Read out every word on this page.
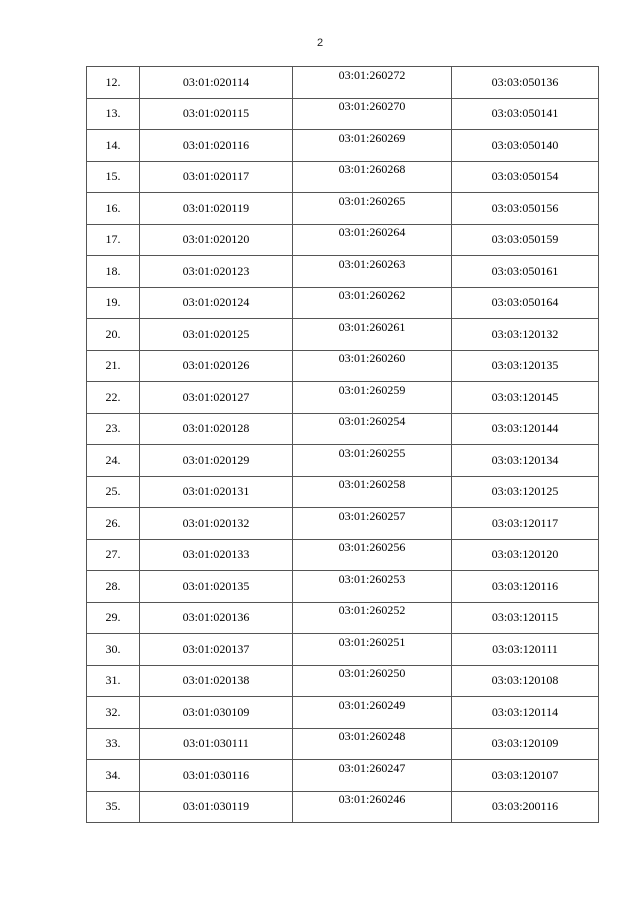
2
12.	03:01:020114	03:01:260272	03:03:050136
13.	03:01:020115	03:01:260270	03:03:050141
14.	03:01:020116	03:01:260269	03:03:050140
15.	03:01:020117	03:01:260268	03:03:050154
16.	03:01:020119	03:01:260265	03:03:050156
17.	03:01:020120	03:01:260264	03:03:050159
18.	03:01:020123	03:01:260263	03:03:050161
19.	03:01:020124	03:01:260262	03:03:050164
20.	03:01:020125	03:01:260261	03:03:120132
21.	03:01:020126	03:01:260260	03:03:120135
22.	03:01:020127	03:01:260259	03:03:120145
23.	03:01:020128	03:01:260254	03:03:120144
24.	03:01:020129	03:01:260255	03:03:120134
25.	03:01:020131	03:01:260258	03:03:120125
26.	03:01:020132	03:01:260257	03:03:120117
27.	03:01:020133	03:01:260256	03:03:120120
28.	03:01:020135	03:01:260253	03:03:120116
29.	03:01:020136	03:01:260252	03:03:120115
30.	03:01:020137	03:01:260251	03:03:120111
31.	03:01:020138	03:01:260250	03:03:120108
32.	03:01:030109	03:01:260249	03:03:120114
33.	03:01:030111	03:01:260248	03:03:120109
34.	03:01:030116	03:01:260247	03:03:120107
35.	03:01:030119	03:01:260246	03:03:200116
